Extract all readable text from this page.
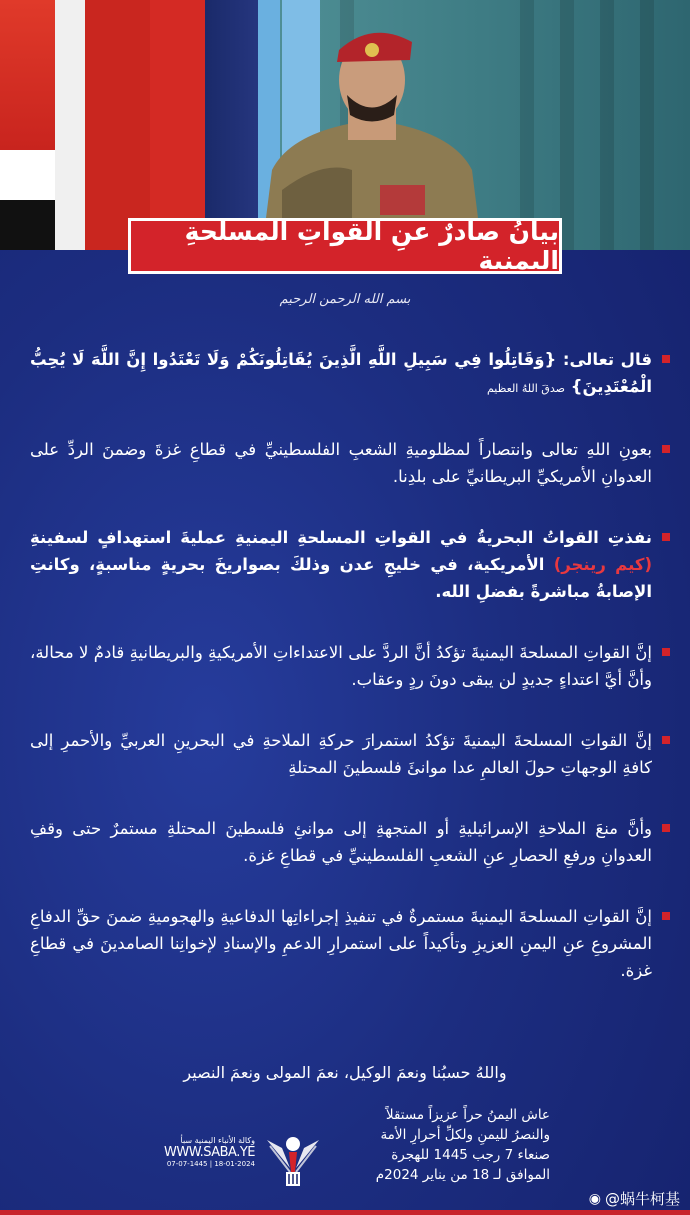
بيانُ صادرٌ عنِ القواتِ المسلحةِ اليمنية
بسم الله الرحمن الرحيم
قال تعالى: {وَقَاتِلُوا فِي سَبِيلِ اللَّهِ الَّذِينَ يُقَاتِلُونَكُمْ وَلَا تَعْتَدُوا إِنَّ اللَّهَ لَا يُحِبُّ الْمُعْتَدِينَ} صدقَ اللهُ العظيم
بعونِ اللهِ تعالى وانتصاراً لمظلوميةِ الشعبِ الفلسطينيِّ في قطاعِ غزةَ وضمنَ الردِّ على العدوانِ الأمريكيِّ البريطانيِّ على بلدِنا.
نفذتِ القواتُ البحريةُ في القواتِ المسلحةِ اليمنيةِ عمليةَ استهدافٍ لسفينةِ (كيم رينجر) الأمريكية، في خليجِ عدن وذلكَ بصواريخَ بحريةٍ مناسبةٍ، وكانتِ الإصابةُ مباشرةً بفضلِ الله.
إنَّ القواتِ المسلحةَ اليمنيةَ تؤكدُ أنَّ الردَّ على الاعتداءاتِ الأمريكيةِ والبريطانيةِ قادمٌ لا محالة، وأنَّ أيَّ اعتداءٍ جديدٍ لن يبقى دونَ ردٍ وعقاب.
إنَّ القواتِ المسلحةَ اليمنيةَ تؤكدُ استمرارَ حركةِ الملاحةِ في البحرينِ العربيِّ والأحمرِ إلى كافةِ الوجهاتِ حولَ العالمِ عدا موانئَ فلسطينَ المحتلةِ
وأنَّ منعَ الملاحةِ الإسرائيليةِ أو المتجهةِ إلى موانئِ فلسطينَ المحتلةِ مستمرٌ حتى وقفِ العدوانِ ورفعِ الحصارِ عنِ الشعبِ الفلسطينيِّ في قطاعِ غزة.
إنَّ القواتِ المسلحةَ اليمنيةَ مستمرةٌ في تنفيذِ إجراءاتِها الدفاعيةِ والهجوميةِ ضمنَ حقِّ الدفاعِ المشروعِ عنِ اليمنِ العزيزِ وتأكيداً على استمرارِ الدعمِ والإسنادِ لإخوانِنا الصامدينَ في قطاعِ غزة.
واللهُ حسبُنا ونعمَ الوكيل، نعمَ المولى ونعمَ النصير
عاش اليمنُ حراً عزيزاً مستقلاً
والنصرُ لليمنِ ولكلِّ أحرارِ الأمة
صنعاء 7 رجب 1445 للهجرة
الموافق لـ 18 من يناير 2024م
وكالة الأنباء اليمنية سبأ
WWW.SABA.YE
07-07-1445 | 18-01-2024
◉ @蜗牛柯基
